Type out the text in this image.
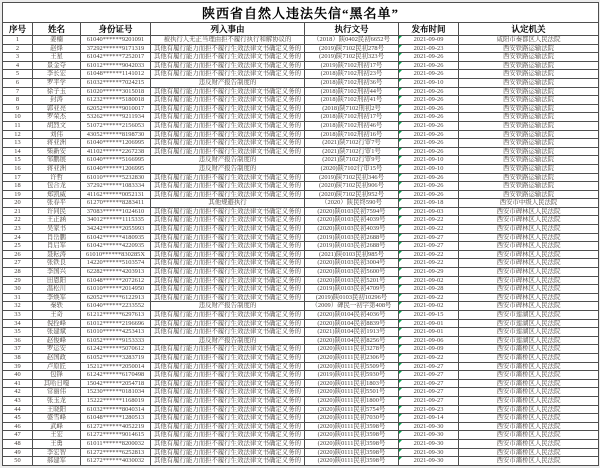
陕西省自然人违法失信“黑名单”						
序号	姓名	身份证号	列入事由	执行文号	发布时间	认定机关
1	姜楠	61040******9201091	被执行人无正当理由拒不履行执行和解协议的	（2018）陕0402民初6652号	2021-09-09	咸阳市秦都区人民法院
2	赵烽	37292******9171319	其他有履行能力而拒不履行生效法律文书确定义务的	(2019)陕7102民初278号	2021-09-23	西安铁路运输法院
3	王星	61042******7252017	其他有履行能力而拒不履行生效法律文书确定义务的	(2019)陕7102民初323号	2021-09-26	西安铁路运输法院
4	景金夺	61012******9042033	其他有履行能力而拒不履行生效法律文书确定义务的	(2019)陕7102刑初17号	2021-09-26	西安铁路运输法院
5	李长宏	61048******1141012	其他有履行能力而拒不履行生效法律文书确定义务的	(2018)陕7102刑初23号	2021-09-26	西安铁路运输法院
6	罗平学	61032******7024215	违反财产报告制度的	(2018)陕7102刑初36号	2021-09-10	西安铁路运输法院
7	徐子玉	61020******3015018	其他有履行能力而拒不履行生效法律文书确定义务的	(2018)陕7102刑初44号	2021-09-26	西安铁路运输法院
8	封涛	61232******5180018	其他有履行能力而拒不履行生效法律文书确定义务的	(2018)陕7102刑初41号	2021-09-26	西安铁路运输法院
9	郭亚亮	62052******9010017	其他有履行能力而拒不履行生效法律文书确定义务的	(2018)陕7102刑初2号	2021-09-26	西安铁路运输法院
10	罗荣杰	53262******9211934	其他有履行能力而拒不履行生效法律文书确定义务的	(2018)陕7102刑初17号	2021-09-26	西安铁路运输法院
11	胡烈文	51072******2156053	其他有履行能力而拒不履行生效法律文书确定义务的	(2018)陕7102刑初46号	2021-09-26	西安铁路运输法院
12	刘伟	43052******8198730	其他有履行能力而拒不履行生效法律文书确定义务的	(2018)陕7102刑初16号	2021-09-26	西安铁路运输法院
13	蒋亚洲	61040******1206995	其他有履行能力而拒不履行生效法律文书确定义务的	(2021)陕7102行审7号	2021-09-26	西安铁路运输法院
14	柴新安	41102******2267238	其他有履行能力而拒不履行生效法律文书确定义务的	(2021)陕7102行审1号	2021-09-26	西安铁路运输法院
15	邹鹏展	61040******5166995	违反财产报告制度的	(2021)陕7102行审9号	2021-09-10	西安铁路运输法院
16	蒋亚洲	61040******1206995	违反财产报告制度的	(2020)陕7102行审15号	2021-09-10	西安铁路运输法院
17	许哲	61010******5232830	其他有履行能力而拒不履行生效法律文书确定义务的	(2019)陕7102民初346号	2021-09-26	西安铁路运输法院
18	包合龙	37292******1083334	其他有履行能力而拒不履行生效法律文书确定义务的	(2020)陕7102民初906号	2021-09-26	西安铁路运输法院
19	郑凯威	41162******0052131	其他有履行能力而拒不履行生效法律文书确定义务的	(2020)陕7102民初952号	2021-09-26	西安铁路运输法院
20	张春平	61270******8283411	其他规避执行	（2020）陕民终590号	2021-09-18	西安市中级人民法院
21	许同民	37083******1024610	其他有履行能力而拒不履行生效法律文书确定义务的	(2020)陕0103民初7594号	2021-09-03	西安市碑林区人民法院
22	王正涵	34012******1115335	其他有履行能力而拒不履行生效法律文书确定义务的	(2020)陕0103民初4039号	2021-09-22	西安市碑林区人民法院
23	吴家书	34242******2055993	其他有履行能力而拒不履行生效法律文书确定义务的	(2020)陕0103民初4039号	2021-09-22	西安市碑林区人民法院
24	肖岳鹏	61042******4180935	其他有履行能力而拒不履行生效法律文书确定义务的	(2019)陕0103民初2688号	2021-09-27	西安市碑林区人民法院
25	肖启军	61042******4220935	其他有履行能力而拒不履行生效法律文书确定义务的	(2019)陕0103民初2688号	2021-09-27	西安市碑林区人民法院
26	聂耘涛	61010******830285X	其他有履行能力而拒不履行生效法律文书确定义务的	(2021)陕0103民初985号	2021-09-22	西安市碑林区人民法院
27	张铁良	14220******5103574	其他有履行能力而拒不履行生效法律文书确定义务的	(2020)陕0103民初3004号	2021-09-22	西安市碑林区人民法院
28	李国兴	62282******4203913	其他有履行能力而拒不履行生效法律文书确定义务的	(2020)陕0103民初5600号	2021-09-29	西安市碑林区人民法院
29	田恩阳	61048******2072612	其他有履行能力而拒不履行生效法律文书确定义务的	(2020)陕0103民初5201号	2021-09-02	西安市碑林区人民法院
30	温松川	61010******2014950	其他有履行能力而拒不履行生效法律文书确定义务的	(2019)陕0103民初4709号	2021-09-28	西安市碑林区人民法院
31	李焕军	62052******6122913	其他有履行能力而拒不履行生效法律文书确定义务的	(2019)陕0103民初10296号	2021-09-22	西安市碑林区人民法院
32	秦轶	61040******2233552	违反财产报告制度的	（2009）碑民一初字第408号	2021-09-02	西安市碑林区人民法院
33	王奇	61212******6297613	其他有履行能力而拒不履行生效法律文书确定义务的	(2020)陕0104民初4036号	2021-09-15	西安市莲湖区人民法院
34	倪拴峰	61012******2196696	其他有履行能力而拒不履行生效法律文书确定义务的	(2020)陕0104民初8839号	2021-09-01	西安市莲湖区人民法院
35	张建斌	61010******4253413	其他有履行能力而拒不履行生效法律文书确定义务的	(2021)陕0104民初1913号	2021-09-01	西安市莲湖区人民法院
36	赵俊峰	61052******9153333	违反财产报告制度的	(2020)陕0104民初8256号	2021-09-06	西安市莲湖区人民法院
37	罗运安	61242******5070612	其他有履行能力而拒不履行生效法律文书确定义务的	(2020)陕0111民初3278号	2021-09-09	西安市灞桥区人民法院
38	赵国政	61052******3283719	其他有履行能力而拒不履行生效法律文书确定义务的	(2020)陕0111民初2306号	2021-09-22	西安市灞桥区人民法院
39	卢原匠	15212******2050014	其他有履行能力而拒不履行生效法律文书确定义务的	(2020)陕0111民初5509号	2021-09-27	西安市灞桥区人民法院
40	包锋	61242******6170498	其他有履行能力而拒不履行生效法律文书确定义务的	(2019)陕0111民初5930号	2021-09-27	西安市灞桥区人民法院
41	其哈日嘎	15042******2054718	其他有履行能力而拒不履行生效法律文书确定义务的	(2020)陕0111民初1803号	2021-09-27	西安市灞桥区人民法院
42	常丽伟	15230******0181034	其他有履行能力而拒不履行生效法律文书确定义务的	(2020)陕0111民初5501号	2021-09-27	西安市灞桥区人民法院
43	张玉龙	15222******1168019	其他有履行能力而拒不履行生效法律文书确定义务的	(2020)陕0111民初1800号	2021-09-27	西安市灞桥区人民法院
44	王晓阳	61032******8040314	其他有履行能力而拒不履行生效法律文书确定义务的	(2020)陕0111民初5754号	2021-09-23	西安市灞桥区人民法院
45	盛雪峰	61048******1280513	其他有履行能力而拒不履行生效法律文书确定义务的	(2020)陕0111民初7030号	2021-09-14	西安市灞桥区人民法院
46	武峰	61272******4052219	其他有履行能力而拒不履行生效法律文书确定义务的	(2020)陕0111民初3598号	2021-09-30	西安市灞桥区人民法院
47	王宏	61272******9014615	其他有履行能力而拒不履行生效法律文书确定义务的	(2020)陕0111民初3598号	2021-09-30	西安市灞桥区人民法院
48	王勇	61011******8200032	其他有履行能力而拒不履行生效法律文书确定义务的	(2020)陕0111民初3598号	2021-09-30	西安市灞桥区人民法院
49	李宏智	61272******6252813	其他有履行能力而拒不履行生效法律文书确定义务的	(2020)陕0111民初3598号	2021-09-30	西安市灞桥区人民法院
50	郝建军	61272******4030032	其他有履行能力而拒不履行生效法律文书确定义务的	(2020)陕0111民初3598号	2021-09-30	西安市灞桥区人民法院
